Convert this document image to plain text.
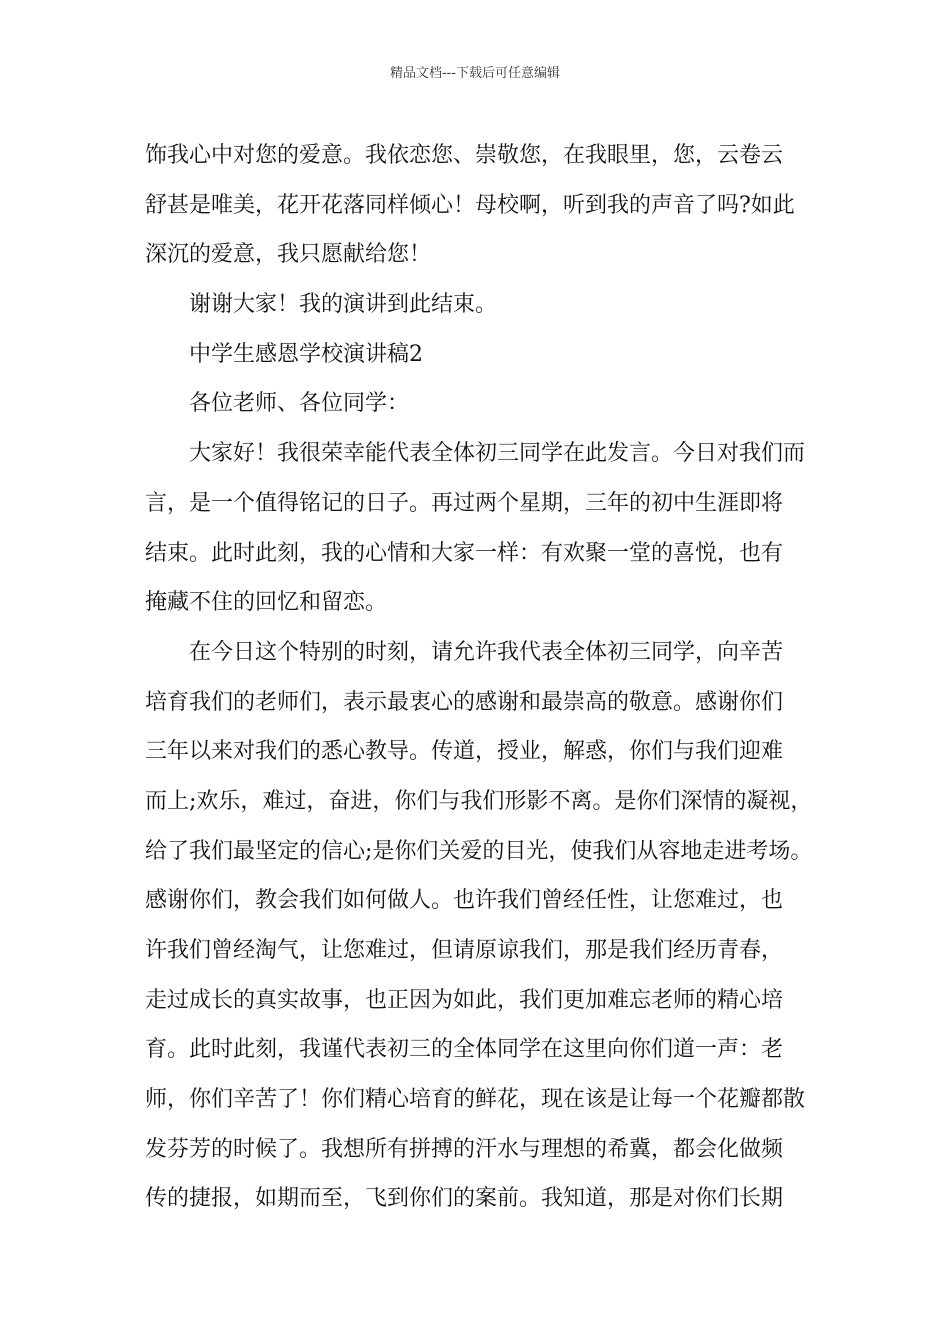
精品文档---下载后可任意编辑
饰我心中对您的爱意。我依恋您、崇敬您，在我眼里，您，云卷云
舒甚是唯美，花开花落同样倾心！母校啊，听到我的声音了吗?如此
深沉的爱意，我只愿献给您！
谢谢大家！我的演讲到此结束。
中学生感恩学校演讲稿2
各位老师、各位同学：
大家好！我很荣幸能代表全体初三同学在此发言。今日对我们而
言，是一个值得铭记的日子。再过两个星期，三年的初中生涯即将
结束。此时此刻，我的心情和大家一样：有欢聚一堂的喜悦，也有
掩藏不住的回忆和留恋。
在今日这个特别的时刻，请允许我代表全体初三同学，向辛苦
培育我们的老师们，表示最衷心的感谢和最崇高的敬意。感谢你们
三年以来对我们的悉心教导。传道，授业，解惑，你们与我们迎难
而上;欢乐，难过，奋进，你们与我们形影不离。是你们深情的凝视，
给了我们最坚定的信心;是你们关爱的目光，使我们从容地走进考场。
感谢你们，教会我们如何做人。也许我们曾经任性，让您难过，也
许我们曾经淘气，让您难过，但请原谅我们，那是我们经历青春，
走过成长的真实故事，也正因为如此，我们更加难忘老师的精心培
育。此时此刻，我谨代表初三的全体同学在这里向你们道一声：老
师，你们辛苦了！你们精心培育的鲜花，现在该是让每一个花瓣都散
发芬芳的时候了。我想所有拼搏的汗水与理想的希冀，都会化做频
传的捷报，如期而至，飞到你们的案前。我知道，那是对你们长期
